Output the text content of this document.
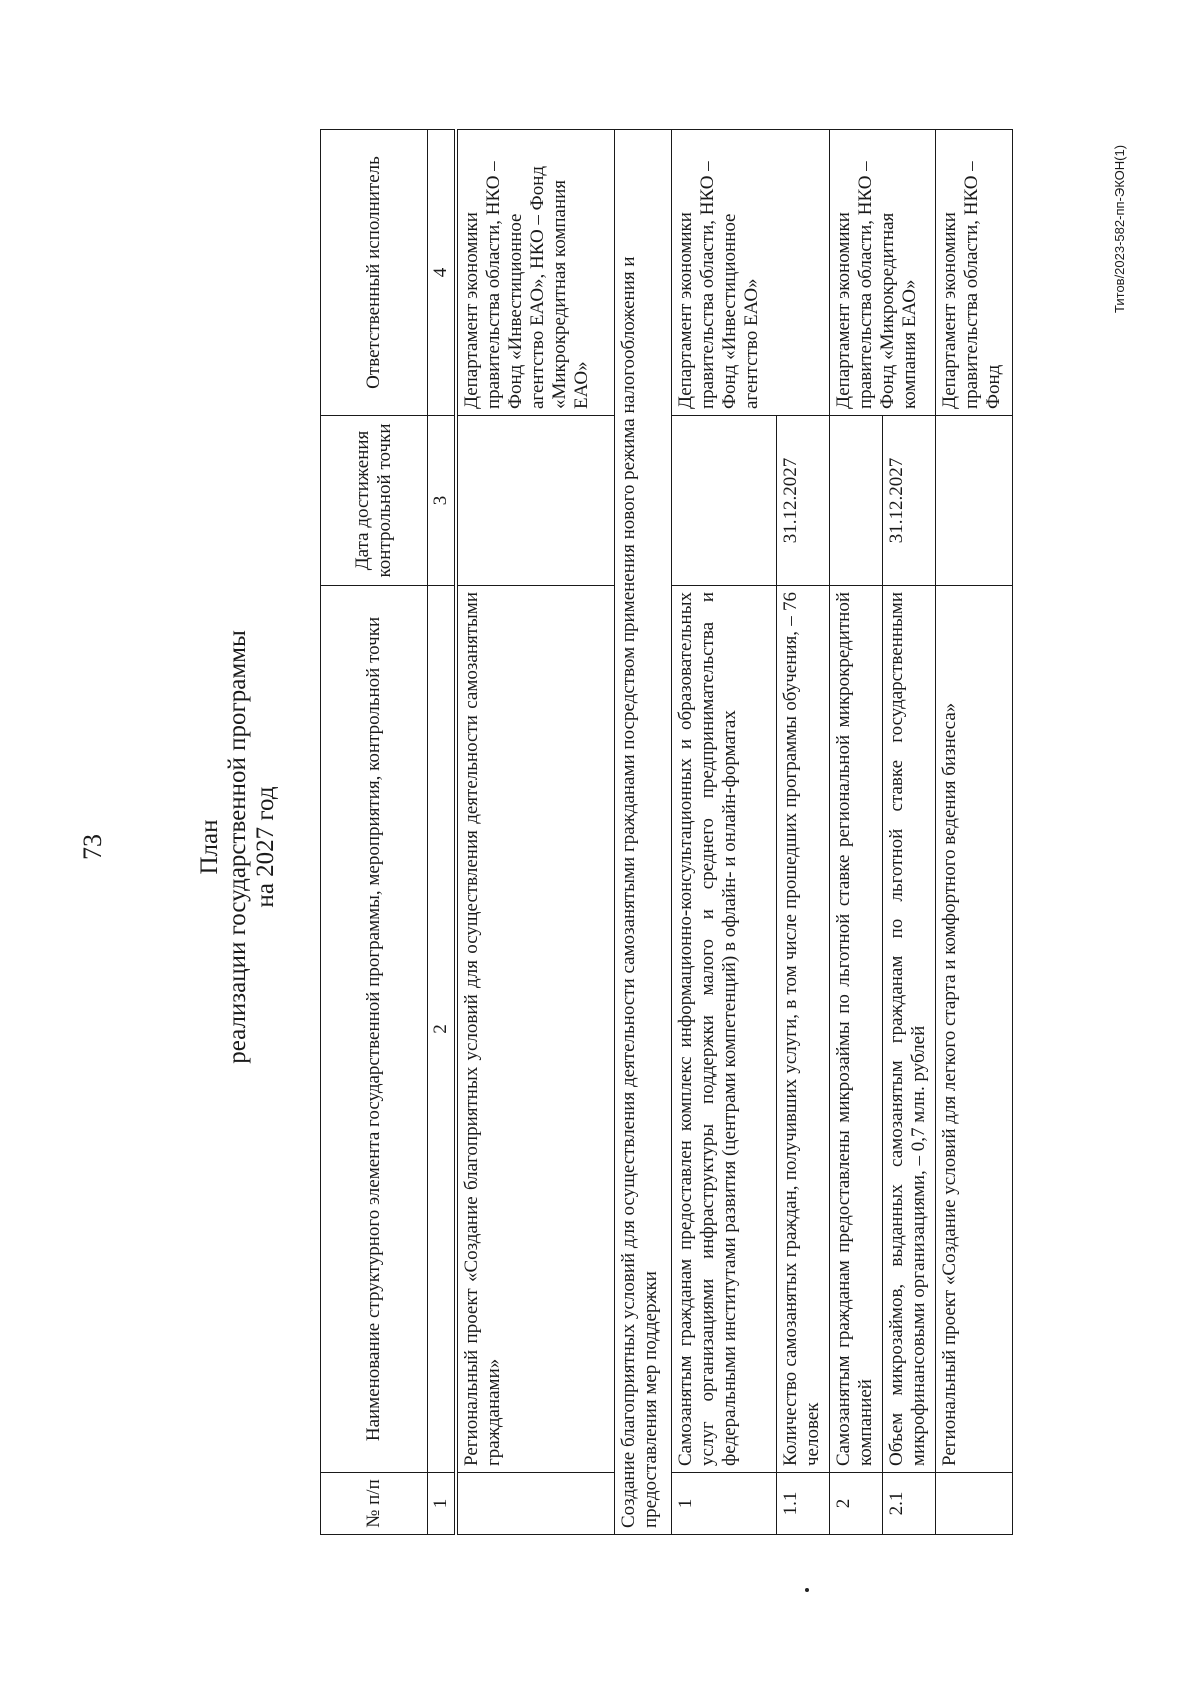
73	План реализации государственной программы на 2027 год
№ п/п	Наименование структурного элемента государственной программы, мероприятия, контрольной точки	Дата достижения контрольной точки	Ответственный исполнитель
1	2	3	4
	Региональный проект «Создание благоприятных условий для осуществления деятельности самозанятыми гражданами»		Департамент экономики правительства области, НКО – Фонд «Инвестиционное агентство ЕАО», НКО – Фонд «Микрокредитная компания ЕАО»
Создание благоприятных условий для осуществления деятельности самозанятыми гражданами посредством применения нового режима налогообложения и предоставления мер поддержки			
1	Самозанятым гражданам предоставлен комплекс информационно-консультационных и образовательных услуг организациями инфраструктуры поддержки малого и среднего предпринимательства и федеральными институтами развития (центрами компетенций) в офлайн- и онлайн-форматах		Департамент экономики правительства области, НКО – Фонд «Инвестиционное агентство ЕАО»
1.1	Количество самозанятых граждан, получивших услуги, в том числе прошедших программы обучения, – 76 человек	31.12.2027	
2	Самозанятым гражданам предоставлены микрозаймы по льготной ставке региональной микрокредитной компанией		Департамент экономики правительства области, НКО – Фонд «Микрокредитная компания ЕАО»
2.1	Объем микрозаймов, выданных самозанятым гражданам по льготной ставке государственными микрофинансовыми организациями, – 0,7 млн. рублей	31.12.2027	
	Региональный проект «Создание условий для легкого старта и комфортного ведения бизнеса»		Департамент экономики правительства области, НКО – Фонд
Титов/2023-582-пп-ЭКОН(1)
